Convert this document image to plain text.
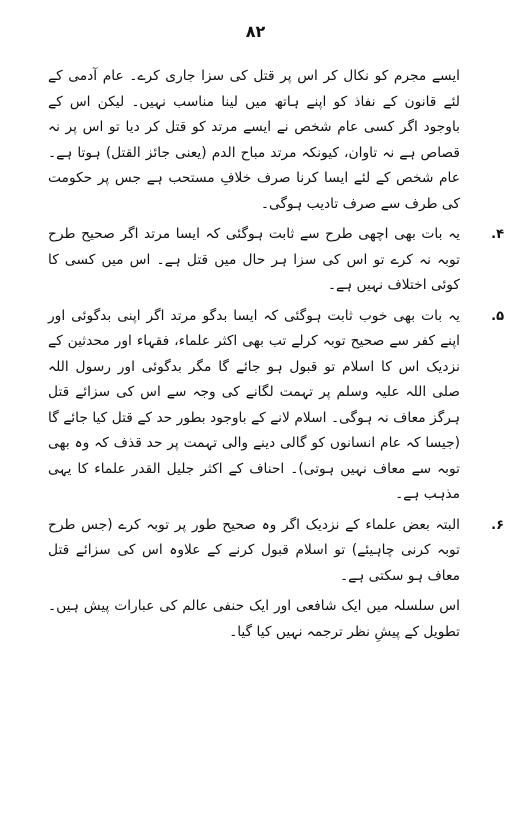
۸۲

ایسے مجرم کو نکال کر اس پر قتل کی سزا جاری کرے۔ عام آدمی کے لئے قانون کے نفاذ کو اپنے ہاتھ میں لینا مناسب نہیں۔ لیکن اس کے باوجود اگر کسی عام شخص نے ایسے مرتد کو قتل کر دیا تو اس پر نہ قصاص ہے نہ تاوان، کیونکہ مرتد مباح الدم (یعنی جائز القتل) ہوتا ہے۔ عام شخص کے لئے ایسا کرنا صرف خلافِ مستحب ہے جس پر حکومت کی طرف سے صرف تادیب ہوگی۔

۴.

یہ بات بھی اچھی طرح سے ثابت ہوگئی کہ ایسا مرتد اگر صحیح طرح توبہ نہ کرے تو اس کی سزا ہر حال میں قتل ہے۔ اس میں کسی کا کوئی اختلاف نہیں ہے۔

۵.

یہ بات بھی خوب ثابت ہوگئی کہ ایسا بدگو مرتد اگر اپنی بدگوئی اور اپنے کفر سے صحیح توبہ کرلے تب بھی اکثر علماء، فقہاء اور محدثین کے نزدیک اس کا اسلام تو قبول ہو جائے گا مگر بدگوئی اور رسول اللہ صلی اللہ علیہ وسلم پر تہمت لگانے کی وجہ سے اس کی سزائے قتل ہرگز معاف نہ ہوگی۔ اسلام لانے کے باوجود بطور حد کے قتل کیا جائے گا (جیسا کہ عام انسانوں کو گالی دینے والی تہمت پر حد قذف کہ وہ بھی توبہ سے معاف نہیں ہوتی)۔ احناف کے اکثر جلیل القدر علماء کا یہی مذہب ہے۔

۶.

البتہ بعض علماء کے نزدیک اگر وہ صحیح طور پر توبہ کرے (جس طرح توبہ کرنی چاہیئے) تو اسلام قبول کرنے کے علاوہ اس کی سزائے قتل معاف ہو سکتی ہے۔

اس سلسلہ میں ایک شافعی اور ایک حنفی عالم کی عبارات پیش ہیں۔ تطویل کے پیشِ نظر ترجمہ نہیں کیا گیا۔
